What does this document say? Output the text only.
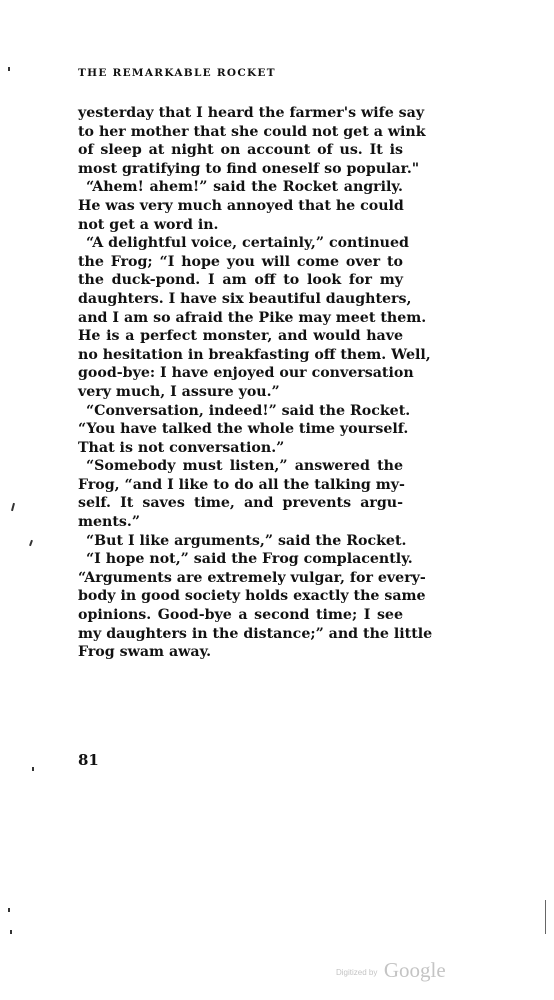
THE REMARKABLE ROCKET
yesterday that I heard the farmer's wife say
to her mother that she could not get a wink
of sleep at night on account of us. It is
most gratifying to find oneself so popular."
“Ahem! ahem!” said the Rocket angrily.
He was very much annoyed that he could
not get a word in.
“A delightful voice, certainly,” continued
the Frog; “I hope you will come over to
the duck-pond. I am off to look for my
daughters. I have six beautiful daughters,
and I am so afraid the Pike may meet them.
He is a perfect monster, and would have
no hesitation in breakfasting off them. Well,
good-bye: I have enjoyed our conversation
very much, I assure you.”
“Conversation, indeed!” said the Rocket.
“You have talked the whole time yourself.
That is not conversation.”
“Somebody must listen,” answered the
Frog, “and I like to do all the talking my-
self. It saves time, and prevents argu-
ments.”
“But I like arguments,” said the Rocket.
“I hope not,” said the Frog complacently.
“Arguments are extremely vulgar, for every-
body in good society holds exactly the same
opinions. Good-bye a second time; I see
my daughters in the distance;” and the little
Frog swam away.
81
Digitized by Google
